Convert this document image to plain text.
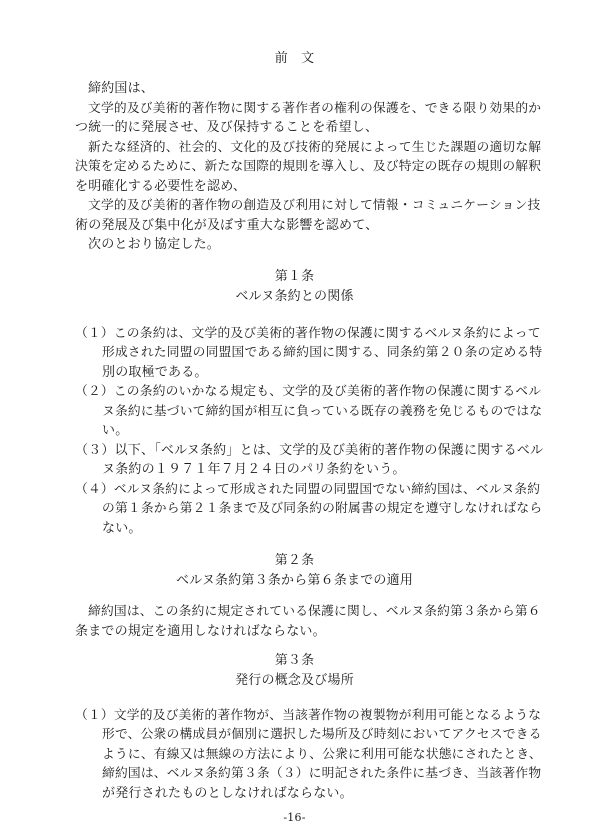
前　文
締約国は、
文学的及び美術的著作物に関する著作者の権利の保護を、できる限り効果的か
つ統一的に発展させ、及び保持することを希望し、
新たな経済的、社会的、文化的及び技術的発展によって生じた課題の適切な解
決策を定めるために、新たな国際的規則を導入し、及び特定の既存の規則の解釈
を明確化する必要性を認め、
文学的及び美術的著作物の創造及び利用に対して情報・コミュニケーション技
術の発展及び集中化が及ぼす重大な影響を認めて、
次のとおり協定した。
第１条
ベルヌ条約との関係
（１）この条約は、文学的及び美術的著作物の保護に関するベルヌ条約によって
形成された同盟の同盟国である締約国に関する、同条約第２０条の定める特
別の取極である。
（２）この条約のいかなる規定も、文学的及び美術的著作物の保護に関するベル
ヌ条約に基づいて締約国が相互に負っている既存の義務を免じるものではな
い。
（３）以下、「ベルヌ条約」とは、文学的及び美術的著作物の保護に関するベル
ヌ条約の１９７１年７月２４日のパリ条約をいう。
（４）ベルヌ条約によって形成された同盟の同盟国でない締約国は、ベルヌ条約
の第１条から第２１条まで及び同条約の附属書の規定を遵守しなければなら
ない。
第２条
ベルヌ条約第３条から第６条までの適用
締約国は、この条約に規定されている保護に関し、ベルヌ条約第３条から第６
条までの規定を適用しなければならない。
第３条
発行の概念及び場所
（１）文学的及び美術的著作物が、当該著作物の複製物が利用可能となるような
形で、公衆の構成員が個別に選択した場所及び時刻においてアクセスできる
ように、有線又は無線の方法により、公衆に利用可能な状態にされたとき、
締約国は、ベルヌ条約第３条（３）に明記された条件に基づき、当該著作物
が発行されたものとしなければならない。
-16-
